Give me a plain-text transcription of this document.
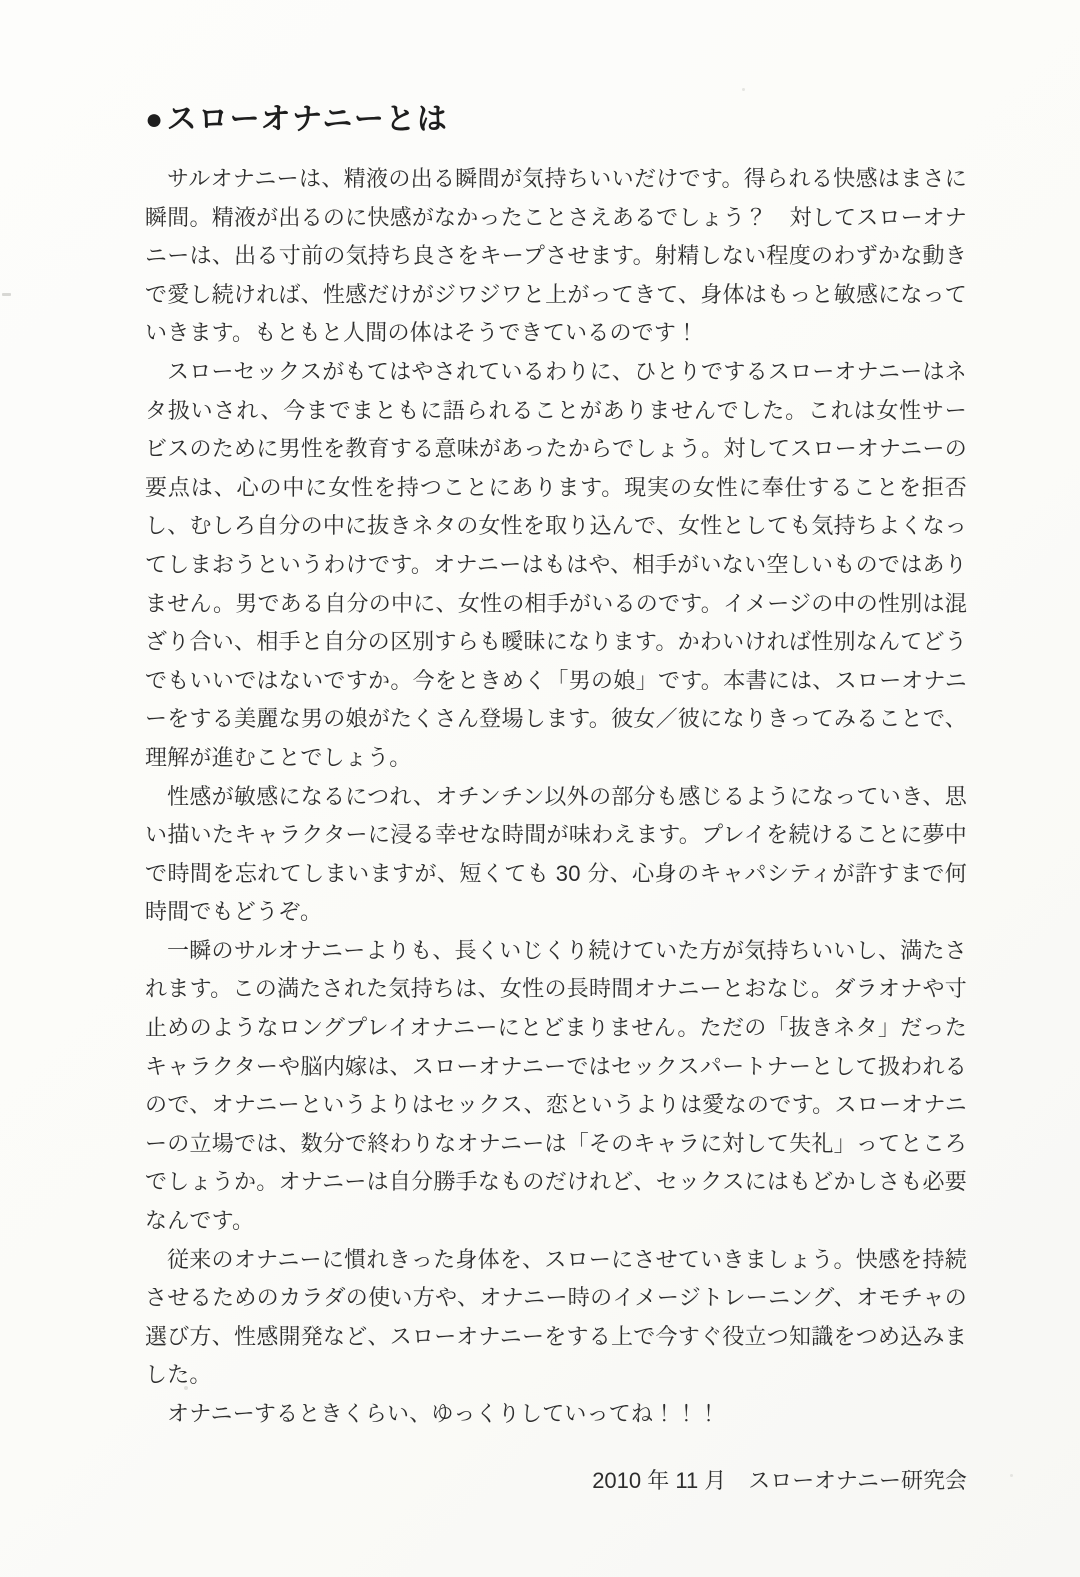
● スローオナニーとは

サルオナニーは、精液の出る瞬間が気持ちいいだけです。得られる快感はまさに瞬間。精液が出るのに快感がなかったことさえあるでしょう？　対してスローオナニーは、出る寸前の気持ち良さをキープさせます。射精しない程度のわずかな動きで愛し続ければ、性感だけがジワジワと上がってきて、身体はもっと敏感になっていきます。もともと人間の体はそうできているのです！

スローセックスがもてはやされているわりに、ひとりでするスローオナニーはネタ扱いされ、今までまともに語られることがありませんでした。これは女性サービスのために男性を教育する意味があったからでしょう。対してスローオナニーの要点は、心の中に女性を持つことにあります。現実の女性に奉仕することを拒否し、むしろ自分の中に抜きネタの女性を取り込んで、女性としても気持ちよくなってしまおうというわけです。オナニーはもはや、相手がいない空しいものではありません。男である自分の中に、女性の相手がいるのです。イメージの中の性別は混ざり合い、相手と自分の区別すらも曖昧になります。かわいければ性別なんてどうでもいいではないですか。今をときめく「男の娘」です。本書には、スローオナニーをする美麗な男の娘がたくさん登場します。彼女／彼になりきってみることで、理解が進むことでしょう。

性感が敏感になるにつれ、オチンチン以外の部分も感じるようになっていき、思い描いたキャラクターに浸る幸せな時間が味わえます。プレイを続けることに夢中で時間を忘れてしまいますが、短くても 30 分、心身のキャパシティが許すまで何時間でもどうぞ。

一瞬のサルオナニーよりも、長くいじくり続けていた方が気持ちいいし、満たされます。この満たされた気持ちは、女性の長時間オナニーとおなじ。ダラオナや寸止めのようなロングプレイオナニーにとどまりません。ただの「抜きネタ」だったキャラクターや脳内嫁は、スローオナニーではセックスパートナーとして扱われるので、オナニーというよりはセックス、恋というよりは愛なのです。スローオナニーの立場では、数分で終わりなオナニーは「そのキャラに対して失礼」ってところでしょうか。オナニーは自分勝手なものだけれど、セックスにはもどかしさも必要なんです。

従来のオナニーに慣れきった身体を、スローにさせていきましょう。快感を持続させるためのカラダの使い方や、オナニー時のイメージトレーニング、オモチャの選び方、性感開発など、スローオナニーをする上で今すぐ役立つ知識をつめ込みました。

オナニーするときくらい、ゆっくりしていってね！！！

2010 年 11 月　スローオナニー研究会
